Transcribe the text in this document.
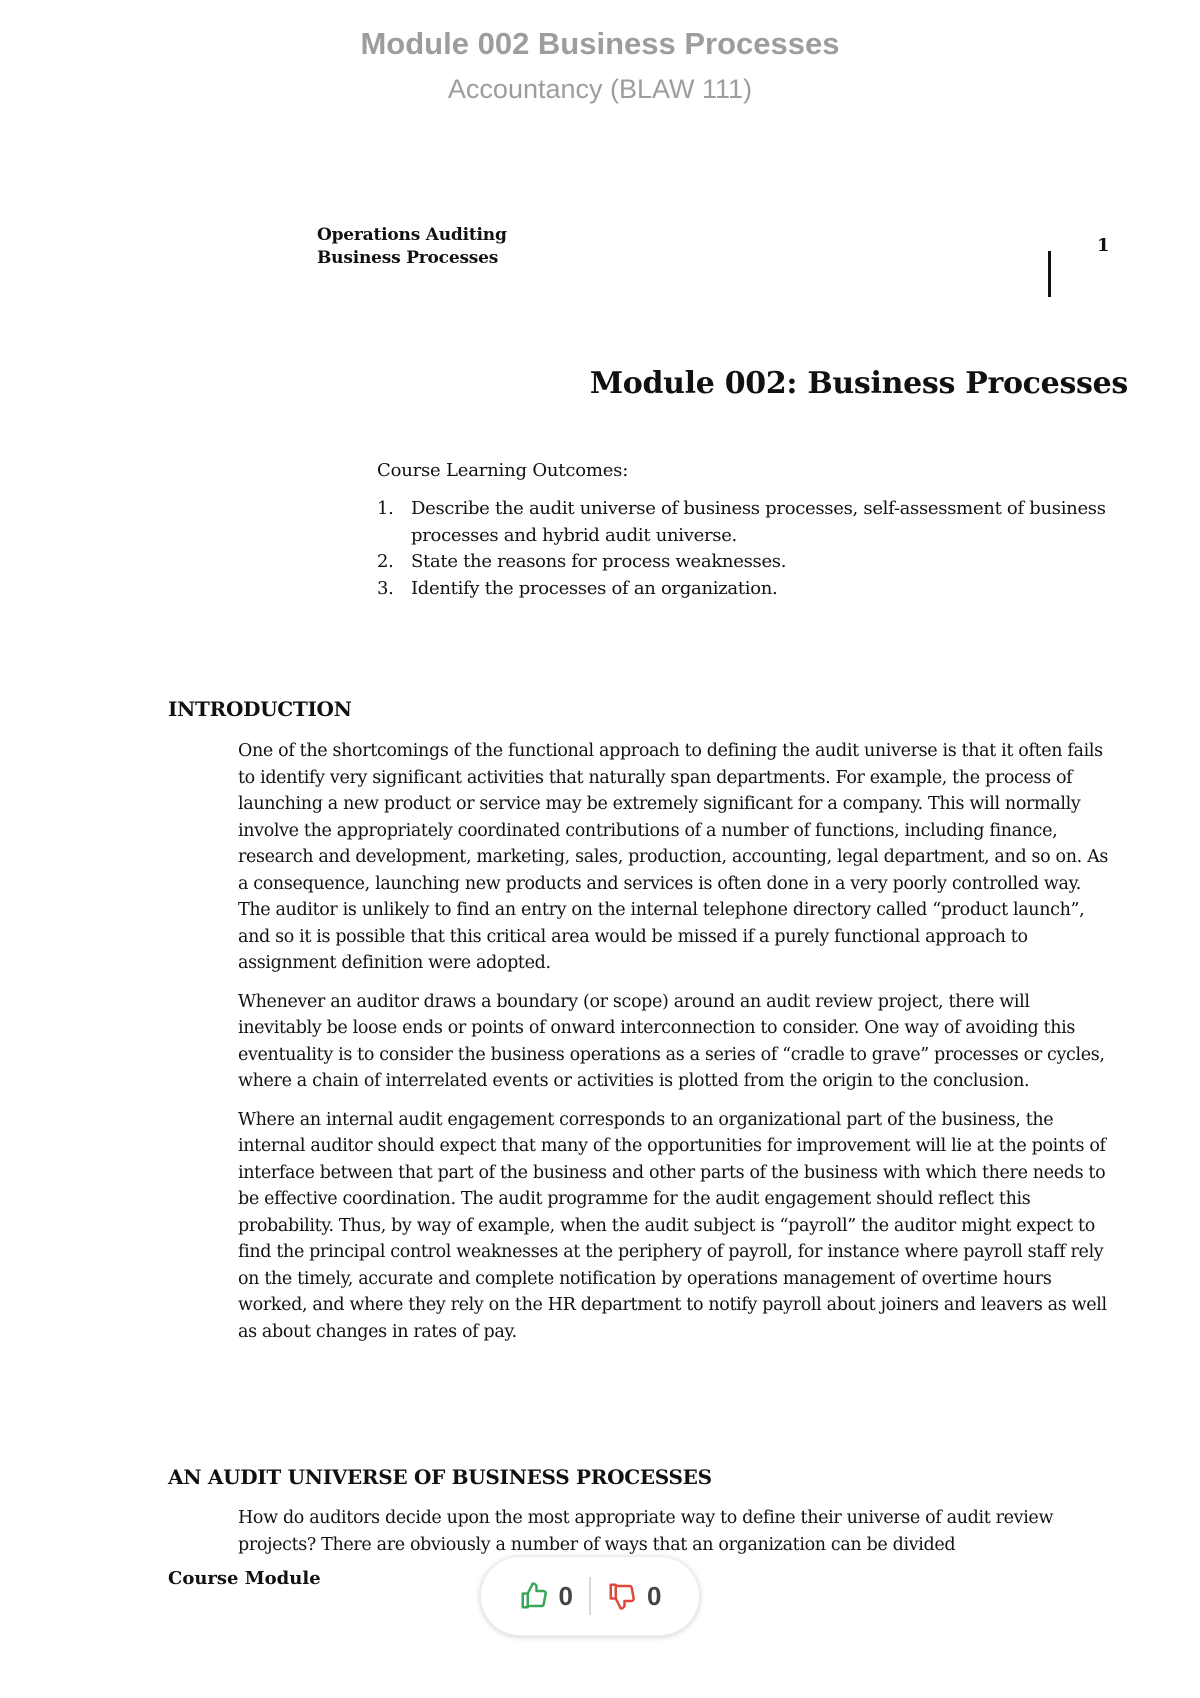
Module 002 Business Processes
Accountancy (BLAW 111)
Operations Auditing
Business Processes
1
Module 002: Business Processes
Course Learning Outcomes:
1. Describe the audit universe of business processes, self-assessment of business processes and hybrid audit universe.
2. State the reasons for process weaknesses.
3. Identify the processes of an organization.
INTRODUCTION

One of the shortcomings of the functional approach to defining the audit universe is that it often fails to identify very significant activities that naturally span departments. For example, the process of launching a new product or service may be extremely significant for a company. This will normally involve the appropriately coordinated contributions of a number of functions, including finance, research and development, marketing, sales, production, accounting, legal department, and so on. As a consequence, launching new products and services is often done in a very poorly controlled way. The auditor is unlikely to find an entry on the internal telephone directory called “product launch”, and so it is possible that this critical area would be missed if a purely functional approach to assignment definition were adopted.

Whenever an auditor draws a boundary (or scope) around an audit review project, there will inevitably be loose ends or points of onward interconnection to consider. One way of avoiding this eventuality is to consider the business operations as a series of “cradle to grave” processes or cycles, where a chain of interrelated events or activities is plotted from the origin to the conclusion.

Where an internal audit engagement corresponds to an organizational part of the business, the internal auditor should expect that many of the opportunities for improvement will lie at the points of interface between that part of the business and other parts of the business with which there needs to be effective coordination. The audit programme for the audit engagement should reflect this probability. Thus, by way of example, when the audit subject is “payroll” the auditor might expect to find the principal control weaknesses at the periphery of payroll, for instance where payroll staff rely on the timely, accurate and complete notification by operations management of overtime hours worked, and where they rely on the HR department to notify payroll about joiners and leavers as well as about changes in rates of pay.

AN AUDIT UNIVERSE OF BUSINESS PROCESSES

How do auditors decide upon the most appropriate way to define their universe of audit review projects? There are obviously a number of ways that an organization can be divided

Course Module
0	0
